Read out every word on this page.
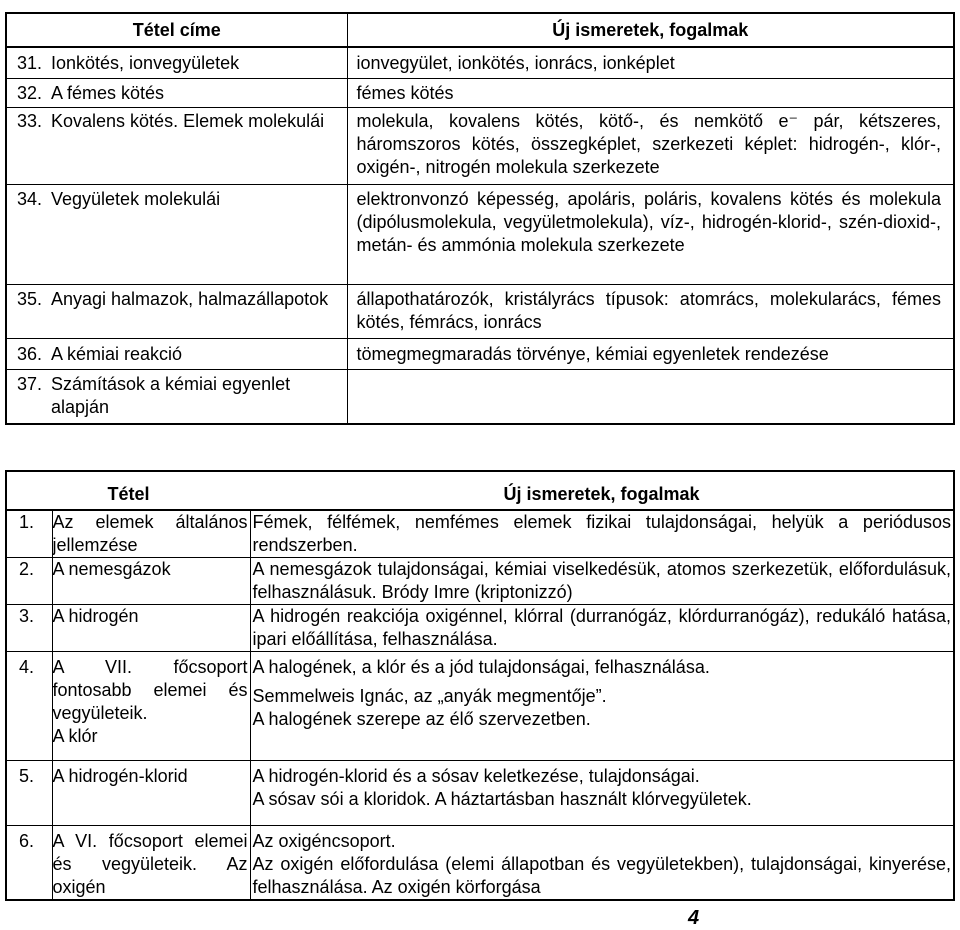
Tétel címe		Új ismeretek, fogalmak
31.	Ionkötés, ionvegyületek	ionvegyület, ionkötés, ionrács, ionképlet
32.	A fémes kötés	fémes kötés
33.	Kovalens kötés. Elemek molekulái	molekula, kovalens kötés, kötő-, és nemkötő e⁻ pár, kétszeres, háromszoros kötés, összegképlet, szerkezeti képlet: hidrogén-, klór-, oxigén-, nitrogén molekula szerkezete
34.	Vegyületek molekulái	elektronvonzó képesség, apoláris, poláris, kovalens kötés és molekula (dipólusmolekula, vegyületmolekula), víz-, hidrogén-klorid-, szén-dioxid-, metán- és ammónia molekula szerkezete
35.	Anyagi halmazok, halmazállapotok	állapothatározók, kristályrács típusok: atomrács, molekularács, fémes kötés, fémrács, ionrács
36.	A kémiai reakció	tömegmegmaradás törvénye, kémiai egyenletek rendezése
37.	Számítások a kémiai egyenlet alapján	
Tétel		Új ismeretek, fogalmak
1.	Az elemek általános jellemzése	Fémek, félfémek, nemfémes elemek fizikai tulajdonságai, helyük a periódusos rendszerben.
2.	A nemesgázok	A nemesgázok tulajdonságai, kémiai viselkedésük, atomos szerkezetük, előfordulásuk, felhasználásuk. Bródy Imre (kriptonizzó)
3.	A hidrogén	A hidrogén reakciója oxigénnel, klórral (durranógáz, klórdurranógáz), redukáló hatása, ipari előállítása, felhasználása.
4.	A VII. főcsoport fontosabb elemei és vegyületeik.
A klór	A halogének, a klór és a jód tulajdonságai, felhasználása.
Semmelweis Ignác, az „anyák megmentője”.
A halogének szerepe az élő szervezetben.

5.	A hidrogén-klorid	A hidrogén-klorid és a sósav keletkezése, tulajdonságai.
A sósav sói a kloridok. A háztartásban használt klórvegyületek.

6.	A VI. főcsoport elemei és vegyületeik. Az oxigén	Az oxigéncsoport.
Az oxigén előfordulása (elemi állapotban és vegyületekben), tulajdonságai, kinyerése, felhasználása. Az oxigén körforgása
4
